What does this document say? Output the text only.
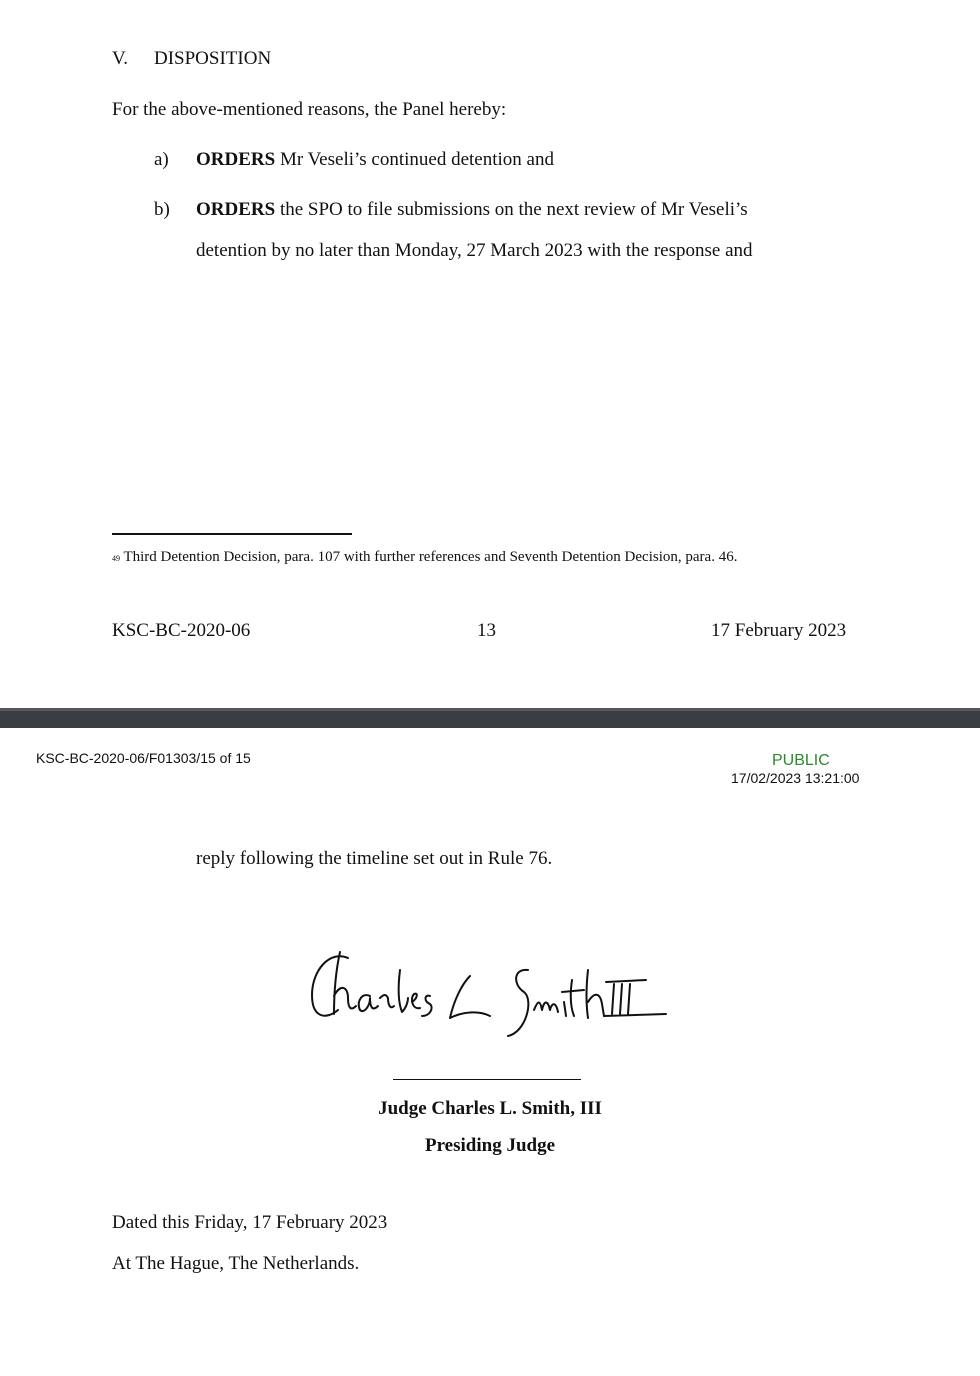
V. DISPOSITION
For the above-mentioned reasons, the Panel hereby:
a) ORDERS Mr Veseli’s continued detention and
b) ORDERS the SPO to file submissions on the next review of Mr Veseli’s
detention by no later than Monday, 27 March 2023 with the response and
$^{49}$ Third Detention Decision, para. 107 with further references and Seventh Detention Decision, para. 46.
KSC-BC-2020-06	13	17 February 2023
KSC-BC-2020-06/F01303/15 of 15	PUBLIC
17/02/2023 13:21:00
reply following the timeline set out in Rule 76.
Judge Charles L. Smith, III
Presiding Judge
Dated this Friday, 17 February 2023
At The Hague, The Netherlands.
